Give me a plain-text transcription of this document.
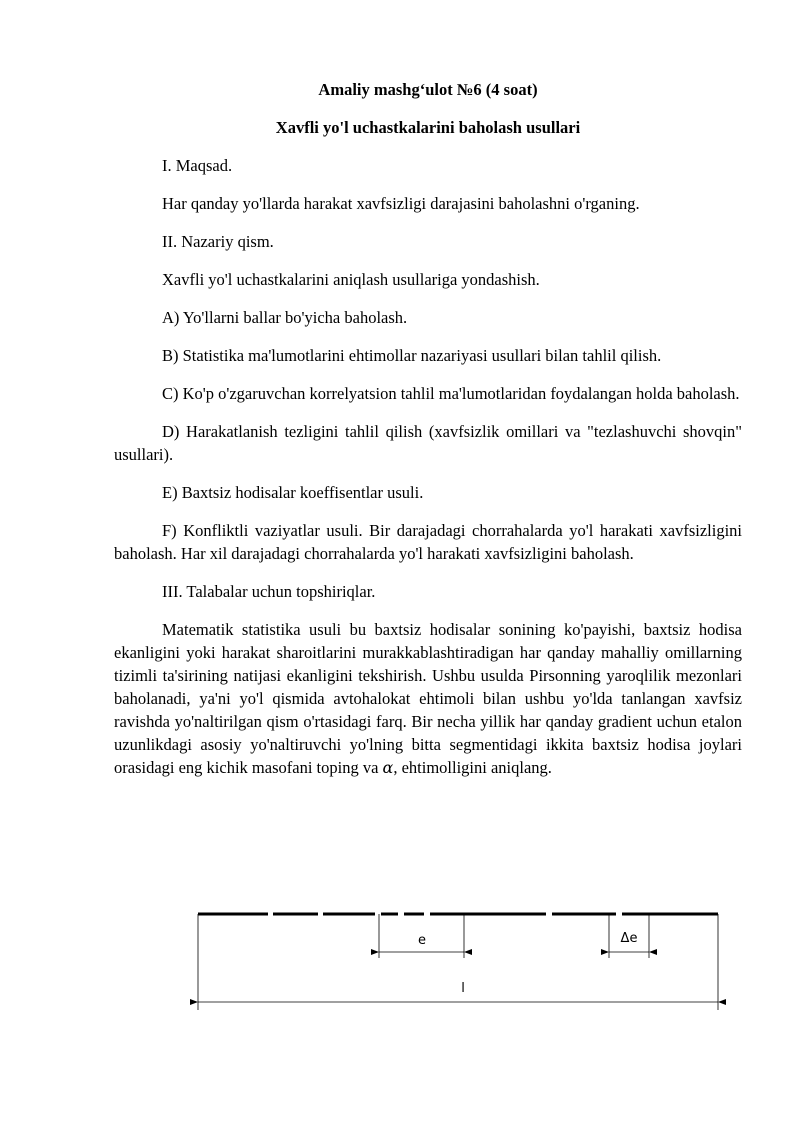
Amaliy mashg‘ulot №6 (4 soat)
Xavfli yo'l uchastkalarini baholash usullari

I. Maqsad.

Har qanday yo'llarda harakat xavfsizligi darajasini baholashni o'rganing.

II. Nazariy qism.

Xavfli yo'l uchastkalarini aniqlash usullariga yondashish.

A) Yo'llarni ballar bo'yicha baholash.

B) Statistika ma'lumotlarini ehtimollar nazariyasi usullari bilan tahlil qilish.

C) Ko'p o'zgaruvchan korrelyatsion tahlil ma'lumotlaridan foydalangan holda baholash.

D) Harakatlanish tezligini tahlil qilish (xavfsizlik omillari va "tezlashuvchi shovqin" usullari).

E) Baxtsiz hodisalar koeffisentlar usuli.

F) Konfliktli vaziyatlar usuli. Bir darajadagi chorrahalarda yo'l harakati xavfsizligini baholash. Har xil darajadagi chorrahalarda yo'l harakati xavfsizligini baholash.

III. Talabalar uchun topshiriqlar.

Matematik statistika usuli bu baxtsiz hodisalar sonining ko'payishi, baxtsiz hodisa ekanligini yoki harakat sharoitlarini murakkablashtiradigan har qanday mahalliy omillarning tizimli ta'sirining natijasi ekanligini tekshirish. Ushbu usulda Pirsonning yaroqlilik mezonlari baholanadi, ya'ni yo'l qismida avtohalokat ehtimoli bilan ushbu yo'lda tanlangan xavfsiz ravishda yo'naltirilgan qism o'rtasidagi farq. Bir necha yillik har qanday gradient uchun etalon uzunlikdagi asosiy yo'naltiruvchi yo'lning bitta segmentidagi ikkita baxtsiz hodisa joylari orasidagi eng kichik masofani toping va α, ehtimolligini aniqlang.

e	Δe
l
